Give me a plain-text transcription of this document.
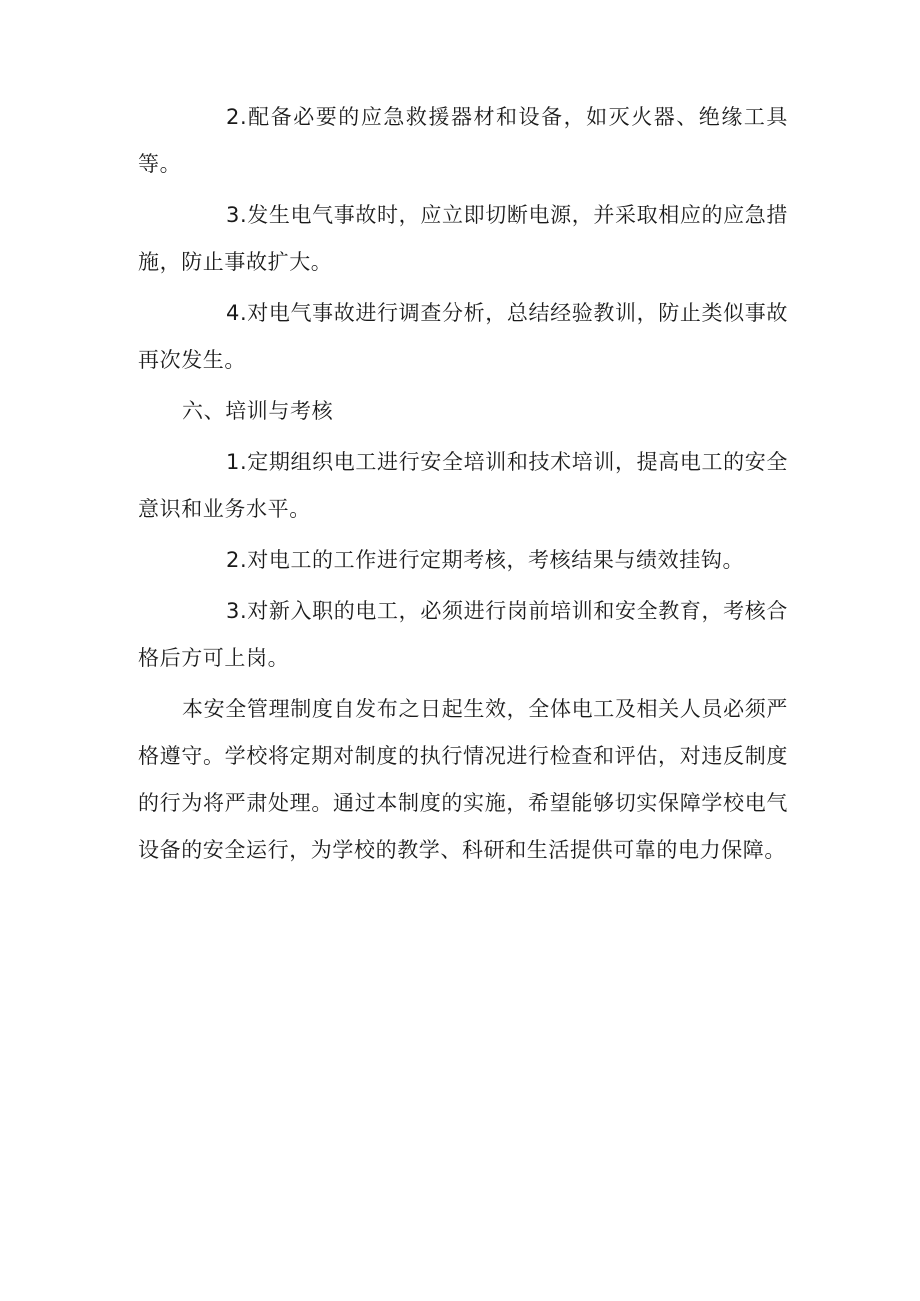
2.配备必要的应急救援器材和设备，如灭火器、绝缘工具等。

3.发生电气事故时，应立即切断电源，并采取相应的应急措施，防止事故扩大。

4.对电气事故进行调查分析，总结经验教训，防止类似事故再次发生。

六、培训与考核

1.定期组织电工进行安全培训和技术培训，提高电工的安全意识和业务水平。

2.对电工的工作进行定期考核，考核结果与绩效挂钩。

3.对新入职的电工，必须进行岗前培训和安全教育，考核合格后方可上岗。

本安全管理制度自发布之日起生效，全体电工及相关人员必须严格遵守。学校将定期对制度的执行情况进行检查和评估，对违反制度的行为将严肃处理。通过本制度的实施，希望能够切实保障学校电气设备的安全运行，为学校的教学、科研和生活提供可靠的电力保障。
